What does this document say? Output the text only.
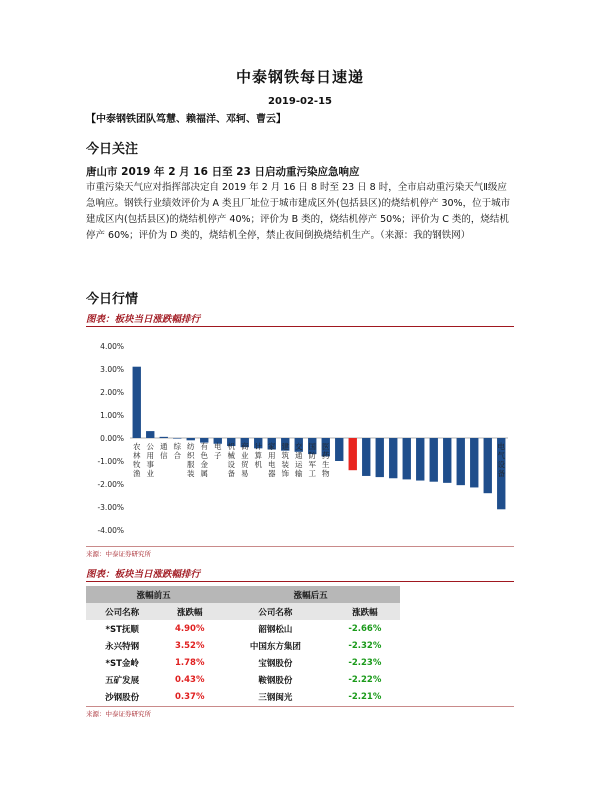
中泰钢铁每日速递
2019-02-15
【中泰钢铁团队笃慧、赖福洋、邓轲、曹云】
今日关注
唐山市 2019 年 2 月 16 日至 23 日启动重污染应急响应
市重污染天气应对指挥部决定自 2019 年 2 月 16 日 8 时至 23 日 8 时，全市启动重污染天气Ⅱ级应急响应。钢铁行业绩效评价为 A 类且厂址位于城市建成区外(包括县区)的烧结机停产 30%，位于城市建成区内(包括县区)的烧结机停产 40%；评价为 B 类的，烧结机停产 50%；评价为 C 类的，烧结机停产 60%；评价为 D 类的，烧结机全停，禁止夜间倒换烧结机生产。（来源：我的钢铁网）
今日行情
图表：板块当日涨跌幅排行
4.00%
3.00%
2.00%
1.00%
0.00%
-1.00%
-2.00%
-3.00%
-4.00%
农林牧渔
公用事业
通信
综合
纺织服装
有色金属
电子
机械设备
商业贸易
计算机
家用电器
建筑装饰
交通运输
国防军工
医药生物
电气设备
来源：中泰证券研究所
图表：板块当日涨跌幅排行
涨幅前五		涨幅后五	
公司名称	涨跌幅	公司名称	涨跌幅
*ST抚顺	4.90%	韶钢松山	-2.66%
永兴特钢	3.52%	中国东方集团	-2.32%
*ST金岭	1.78%	宝钢股份	-2.23%
五矿发展	0.43%	鞍钢股份	-2.22%
沙钢股份	0.37%	三钢闽光	-2.21%
来源：中泰证券研究所
